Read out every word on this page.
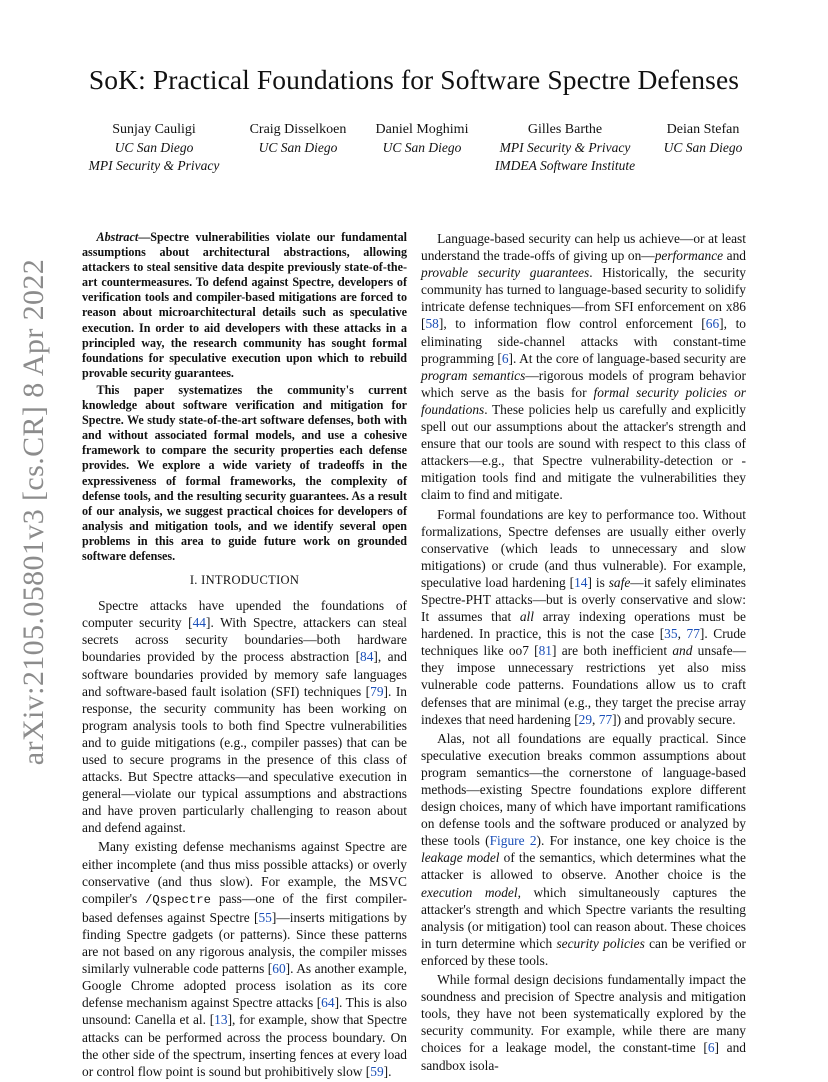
arXiv:2105.05801v3 [cs.CR] 8 Apr 2022
SoK: Practical Foundations for Software Spectre Defenses
Sunjay Cauligi
UC San Diego
MPI Security & Privacy
Craig Disselkoen
UC San Diego
Daniel Moghimi
UC San Diego
Gilles Barthe
MPI Security & Privacy
IMDEA Software Institute
Deian Stefan
UC San Diego

Abstract—Spectre vulnerabilities violate our fundamental assumptions about architectural abstractions, allowing attackers to steal sensitive data despite previously state-of-the-art countermeasures. To defend against Spectre, developers of verification tools and compiler-based mitigations are forced to reason about microarchitectural details such as speculative execution. In order to aid developers with these attacks in a principled way, the research community has sought formal foundations for speculative execution upon which to rebuild provable security guarantees.

This paper systematizes the community's current knowledge about software verification and mitigation for Spectre. We study state-of-the-art software defenses, both with and without associated formal models, and use a cohesive framework to compare the security properties each defense provides. We explore a wide variety of tradeoffs in the expressiveness of formal frameworks, the complexity of defense tools, and the resulting security guarantees. As a result of our analysis, we suggest practical choices for developers of analysis and mitigation tools, and we identify several open problems in this area to guide future work on grounded software defenses.

I. INTRODUCTION

Spectre attacks have upended the foundations of computer security [44]. With Spectre, attackers can steal secrets across security boundaries—both hardware boundaries provided by the process abstraction [84], and software boundaries provided by memory safe languages and software-based fault isolation (SFI) techniques [79]. In response, the security community has been working on program analysis tools to both find Spectre vulnerabilities and to guide mitigations (e.g., compiler passes) that can be used to secure programs in the presence of this class of attacks. But Spectre attacks—and speculative execution in general—violate our typical assumptions and abstractions and have proven particularly challenging to reason about and defend against.

Many existing defense mechanisms against Spectre are either incomplete (and thus miss possible attacks) or overly conservative (and thus slow). For example, the MSVC compiler's /Qspectre pass—one of the first compiler-based defenses against Spectre [55]—inserts mitigations by finding Spectre gadgets (or patterns). Since these patterns are not based on any rigorous analysis, the compiler misses similarly vulnerable code patterns [60]. As another example, Google Chrome adopted process isolation as its core defense mechanism against Spectre attacks [64]. This is also unsound: Canella et al. [13], for example, show that Spectre attacks can be performed across the process boundary. On the other side of the spectrum, inserting fences at every load or control flow point is sound but prohibitively slow [59].

Language-based security can help us achieve—or at least understand the trade-offs of giving up on—performance and provable security guarantees. Historically, the security community has turned to language-based security to solidify intricate defense techniques—from SFI enforcement on x86 [58], to information flow control enforcement [66], to eliminating side-channel attacks with constant-time programming [6]. At the core of language-based security are program semantics—rigorous models of program behavior which serve as the basis for formal security policies or foundations. These policies help us carefully and explicitly spell out our assumptions about the attacker's strength and ensure that our tools are sound with respect to this class of attackers—e.g., that Spectre vulnerability-detection or -mitigation tools find and mitigate the vulnerabilities they claim to find and mitigate.

Formal foundations are key to performance too. Without formalizations, Spectre defenses are usually either overly conservative (which leads to unnecessary and slow mitigations) or crude (and thus vulnerable). For example, speculative load hardening [14] is safe—it safely eliminates Spectre-PHT attacks—but is overly conservative and slow: It assumes that all array indexing operations must be hardened. In practice, this is not the case [35, 77]. Crude techniques like oo7 [81] are both inefficient and unsafe—they impose unnecessary restrictions yet also miss vulnerable code patterns. Foundations allow us to craft defenses that are minimal (e.g., they target the precise array indexes that need hardening [29, 77]) and provably secure.

Alas, not all foundations are equally practical. Since speculative execution breaks common assumptions about program semantics—the cornerstone of language-based methods—existing Spectre foundations explore different design choices, many of which have important ramifications on defense tools and the software produced or analyzed by these tools (Figure 2). For instance, one key choice is the leakage model of the semantics, which determines what the attacker is allowed to observe. Another choice is the execution model, which simultaneously captures the attacker's strength and which Spectre variants the resulting analysis (or mitigation) tool can reason about. These choices in turn determine which security policies can be verified or enforced by these tools.

While formal design decisions fundamentally impact the soundness and precision of Spectre analysis and mitigation tools, they have not been systematically explored by the security community. For example, while there are many choices for a leakage model, the constant-time [6] and sandbox isola-
